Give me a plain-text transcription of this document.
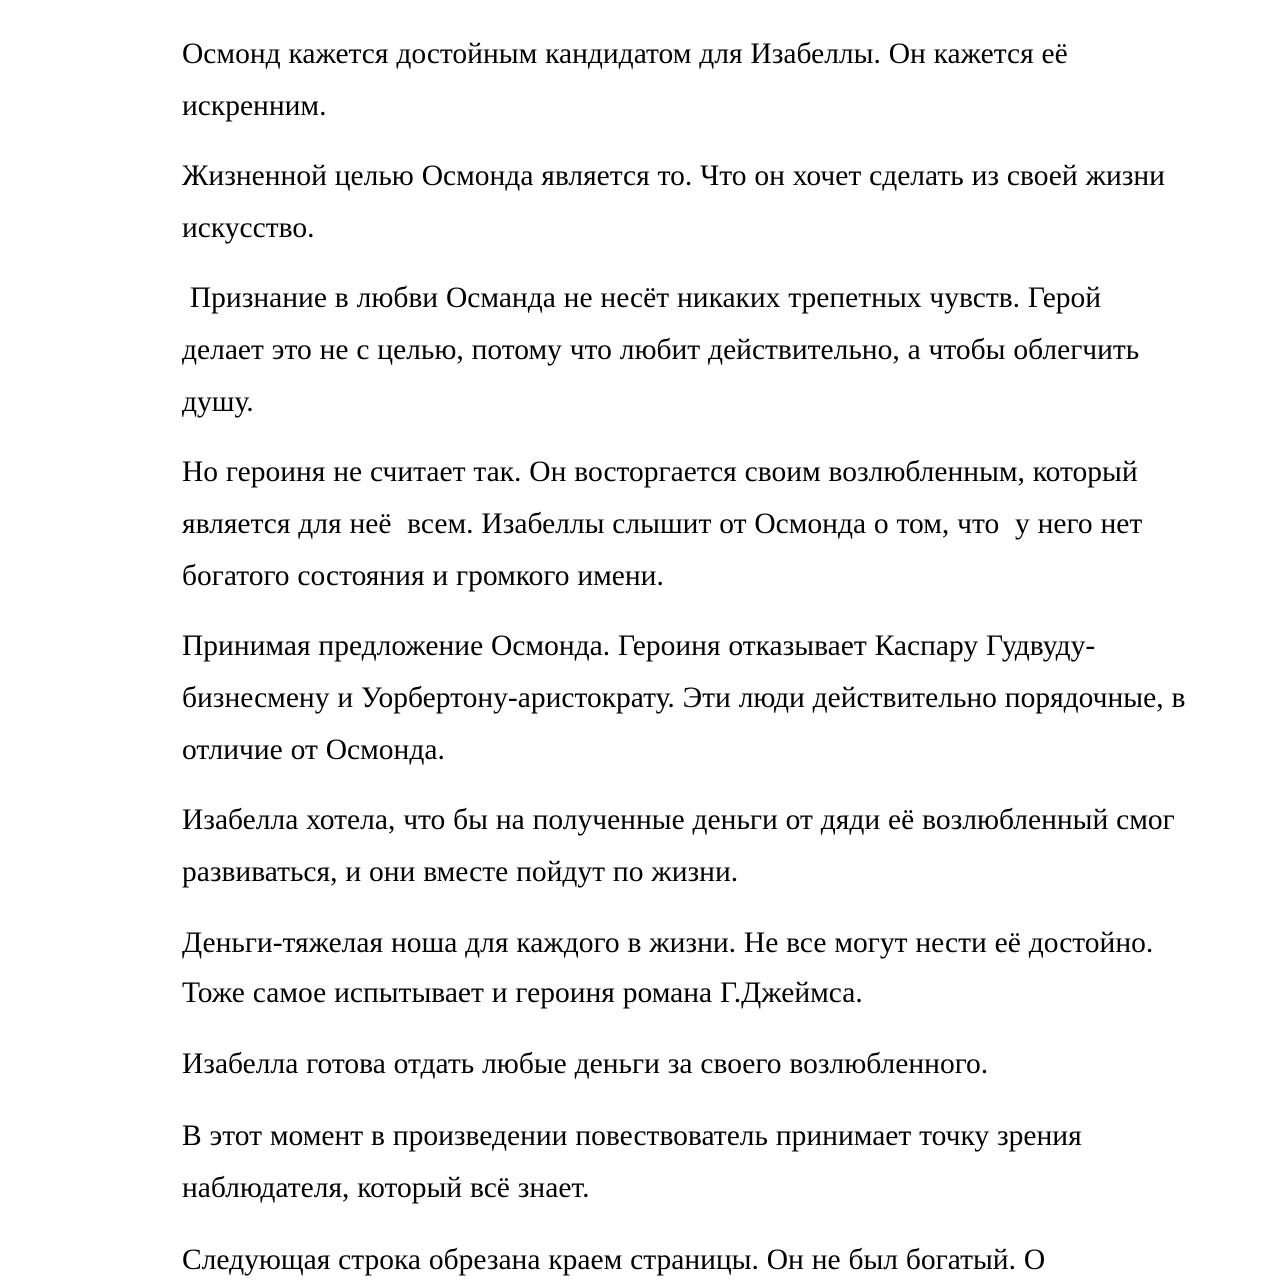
Осмонд кажется достойным кандидатом для Изабеллы. Он кажется её искренним.

Жизненной целью Осмонда является то. Что он хочет сделать из своей жизни искусство.

Признание в любви Османда не несёт никаких трепетных чувств. Герой делает это не с целью, потому что любит действительно, а чтобы облегчить душу.

Но героиня не считает так. Он восторгается своим возлюбленным, который является для неё  всем. Изабеллы слышит от Осмонда о том, что  у него нет богатого состояния и громкого имени.

Принимая предложение Осмонда. Героиня отказывает Каспару Гудвуду-бизнесмену и Уорбертону-аристократу. Эти люди действительно порядочные, в отличие от Осмонда.

Изабелла хотела, что бы на полученные деньги от дяди её возлюбленный смог развиваться, и они вместе пойдут по жизни.

Деньги-тяжелая ноша для каждого в жизни. Не все могут нести её достойно. Тоже самое испытывает и героиня романа Г.Джеймса.

Изабелла готова отдать любые деньги за своего возлюбленного.

В этот момент в произведении повествователь принимает точку зрения наблюдателя, который всё знает.

Следующая строка обрезана краем страницы. Он не был богатый. О
